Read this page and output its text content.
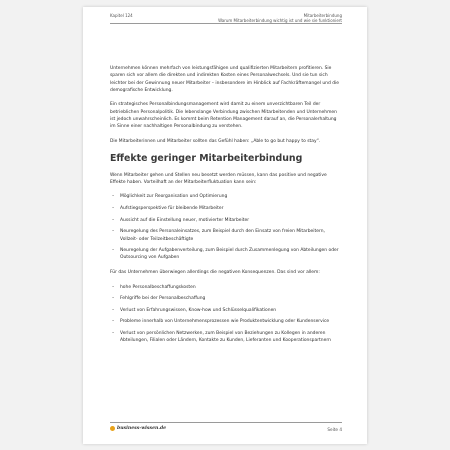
Kapitel 124	Mitarbeiterbindung
Warum Mitarbeiterbindung wichtig ist und wie sie funktioniert

Unternehmen können mehrfach von leistungsfähigen und qualifizierten Mitarbeitern profitieren. Sie sparen sich vor allem die direkten und indirekten Kosten eines Personalwechsels. Und sie tun sich leichter bei der Gewinnung neuer Mitarbeiter – insbesondere im Hinblick auf Fachkräftemangel und die demografische Entwicklung.

Ein strategisches Personalbindungsmanagement wird damit zu einem unverzichtbaren Teil der betrieblichen Personalpolitik. Die lebenslange Verbindung zwischen Mitarbeitenden und Unternehmen ist jedoch unwahrscheinlich. Es kommt beim Retention Management darauf an, die Personalerhaltung im Sinne einer nachhaltigen Personalbindung zu verstehen.

Die Mitarbeiterinnen und Mitarbeiter sollten das Gefühl haben: „Able to go but happy to stay“.

Effekte geringer Mitarbeiterbindung

Wenn Mitarbeiter gehen und Stellen neu besetzt werden müssen, kann das positive und negative Effekte haben. Vorteilhaft an der Mitarbeiterfluktuation kann sein:

– Möglichkeit zur Reorganisation und Optimierung
– Aufstiegsperspektive für bleibende Mitarbeiter
– Aussicht auf die Einstellung neuer, motivierter Mitarbeiter
– Neuregelung des Personaleinsatzes, zum Beispiel durch den Einsatz von freien Mitarbeitern, Vollzeit- oder Teilzeitbeschäftigte
– Neuregelung der Aufgabenverteilung, zum Beispiel durch Zusammenlegung von Abteilungen oder Outsourcing von Aufgaben

Für das Unternehmen überwiegen allerdings die negativen Konsequenzen. Das sind vor allem:

– hohe Personalbeschaffungskosten
– Fehlgriffe bei der Personalbeschaffung
– Verlust von Erfahrungswissen, Know-how und Schlüsselqualifikationen
– Probleme innerhalb von Unternehmensprozessen wie Produktentwicklung oder Kundenservice
– Verlust von persönlichen Netzwerken, zum Beispiel von Beziehungen zu Kollegen in anderen Abteilungen, Filialen oder Ländern, Kontakte zu Kunden, Lieferanten und Kooperationspartnern
business-wissen.de	Seite 4
